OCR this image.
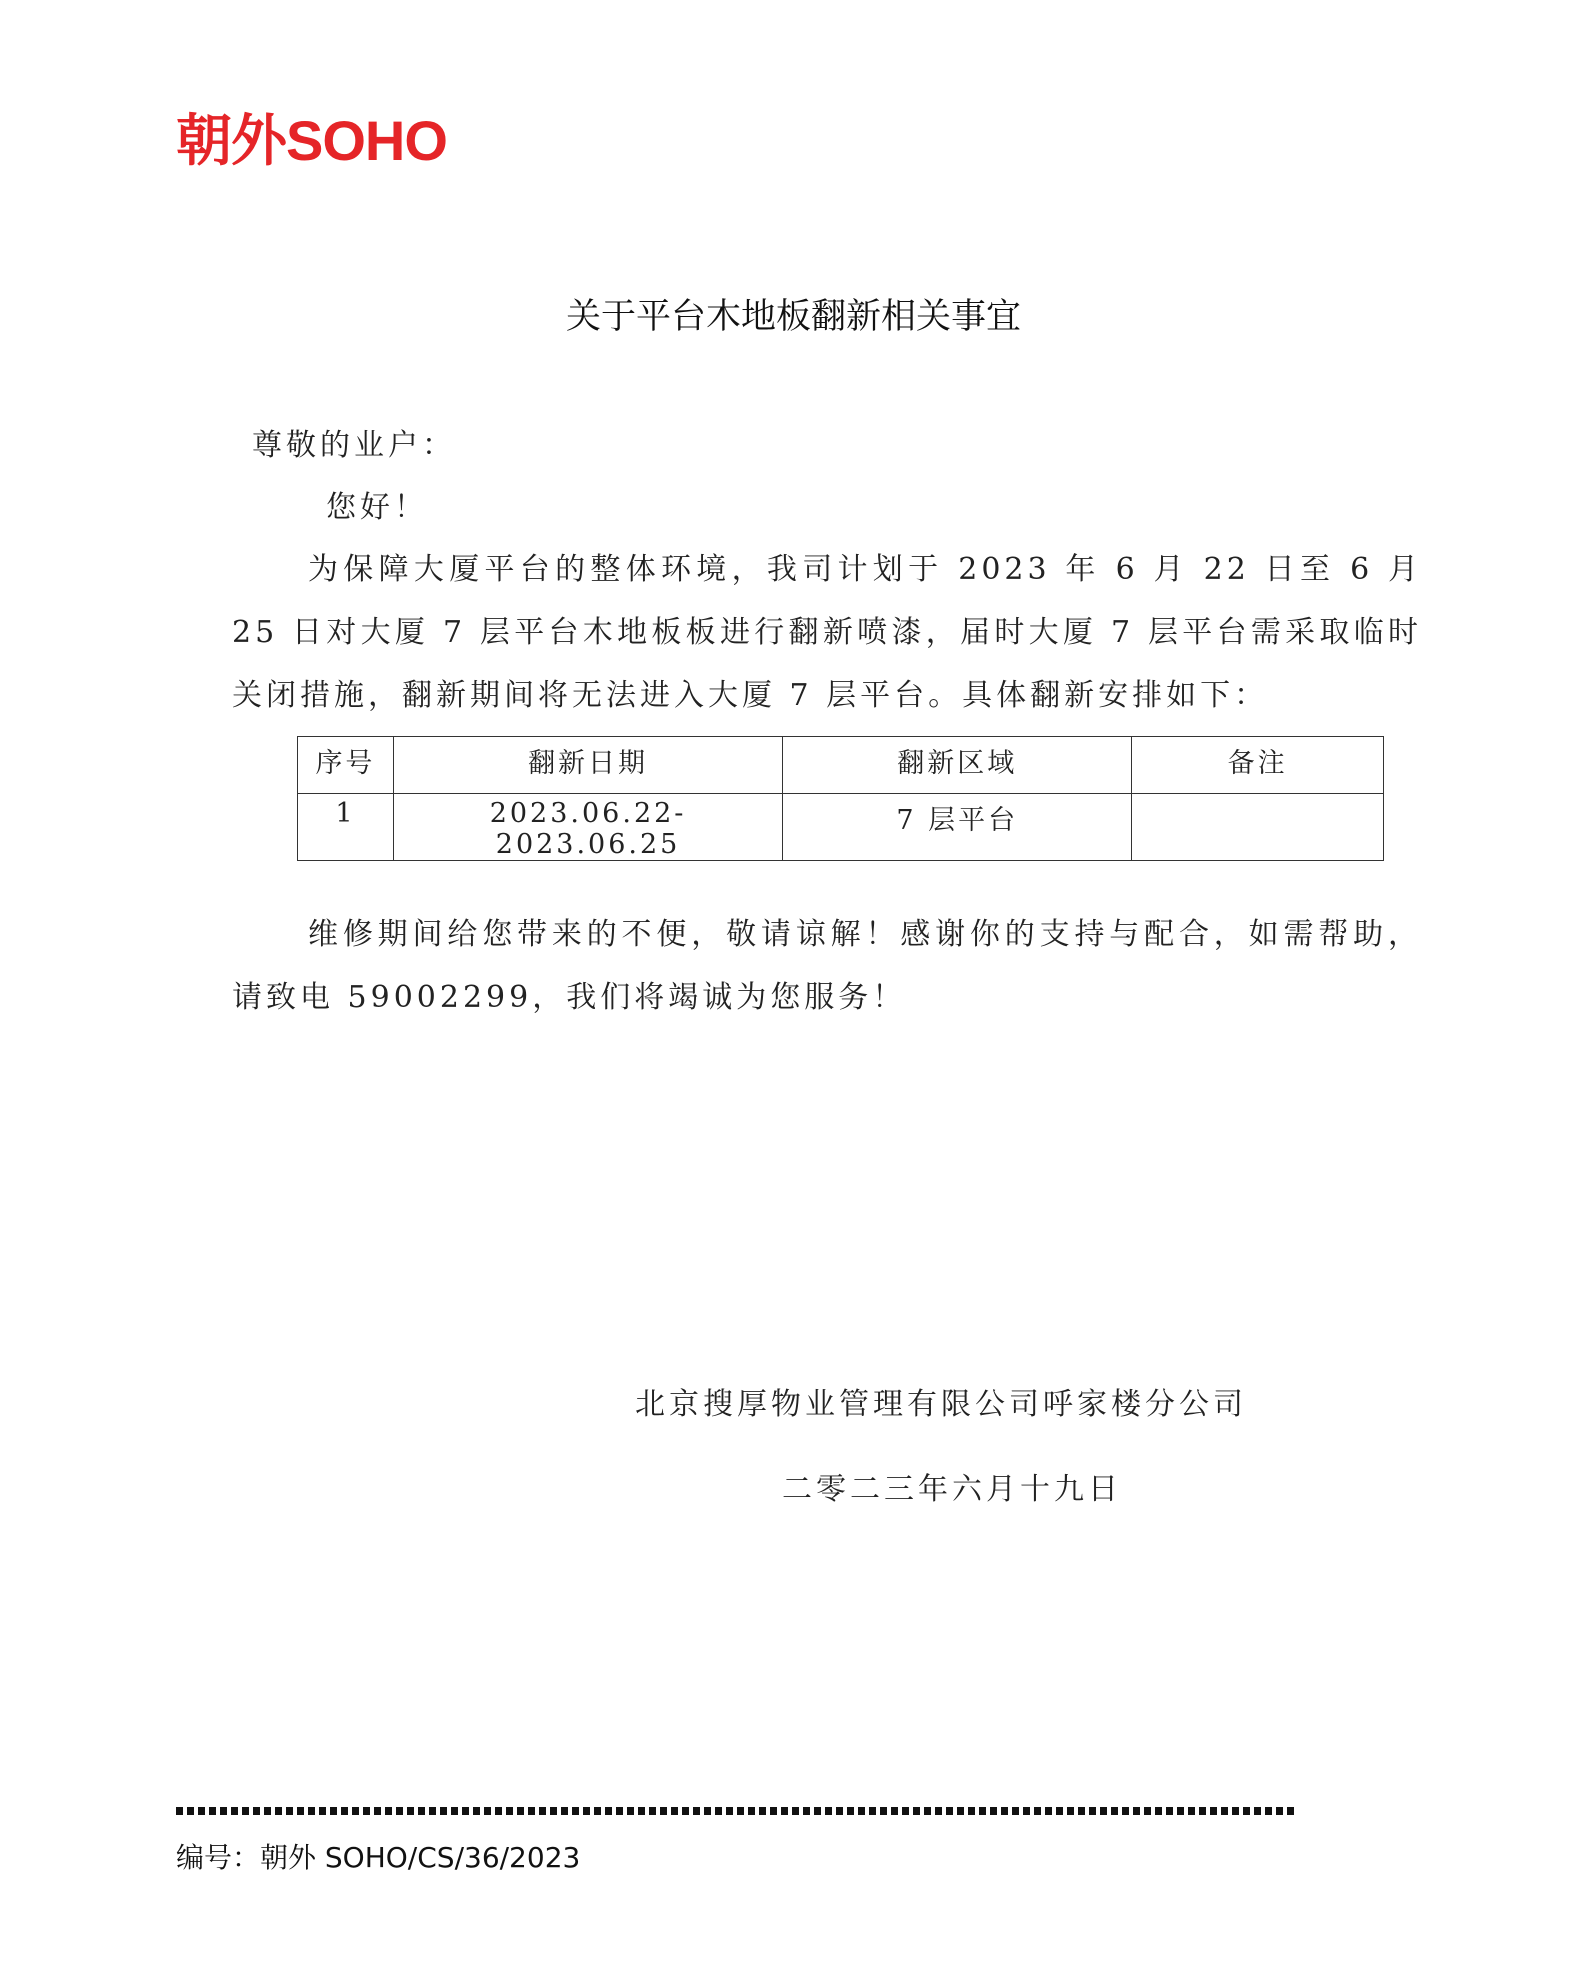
朝外SOHO
关于平台木地板翻新相关事宜
尊敬的业户：
您好！

为保障大厦平台的整体环境，我司计划于 2023 年 6 月 22 日至 6 月 25 日对大厦 7 层平台木地板板进行翻新喷漆，届时大厦 7 层平台需采取临时关闭措施，翻新期间将无法进入大厦 7 层平台。具体翻新安排如下：

序号	翻新日期	翻新区域	备注
1	2023.06.22-2023.06.25	7 层平台	

维修期间给您带来的不便，敬请谅解！感谢你的支持与配合，如需帮助，请致电 59002299，我们将竭诚为您服务！

北京搜厚物业管理有限公司呼家楼分公司
二零二三年六月十九日
编号：朝外 SOHO/CS/36/2023
